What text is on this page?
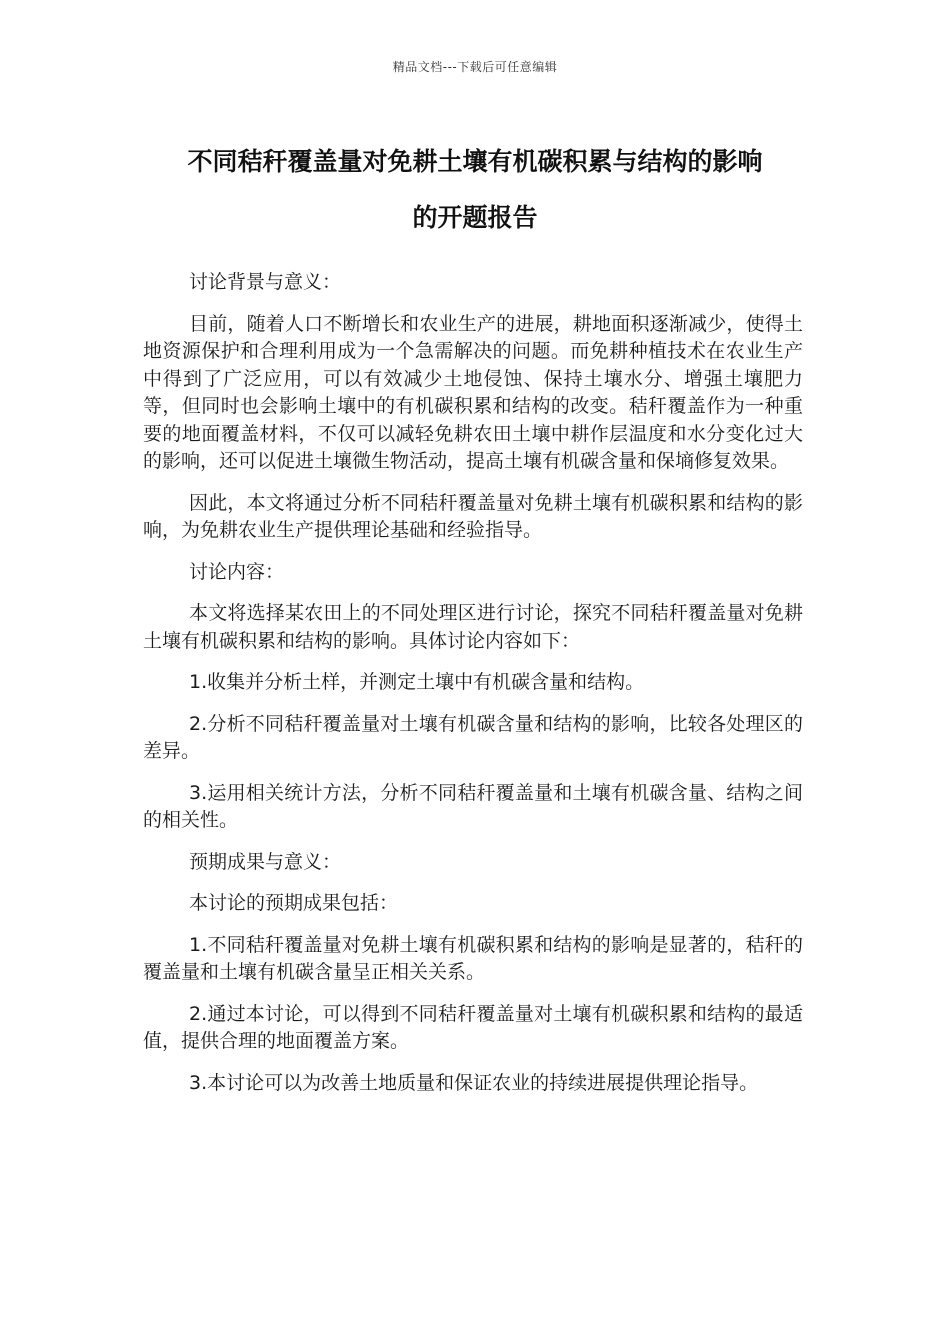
精品文档---下载后可任意编辑
不同秸秆覆盖量对免耕土壤有机碳积累与结构的影响
的开题报告

讨论背景与意义：

目前，随着人口不断增长和农业生产的进展，耕地面积逐渐减少，使得土地资源保护和合理利用成为一个急需解决的问题。而免耕种植技术在农业生产中得到了广泛应用，可以有效减少土地侵蚀、保持土壤水分、增强土壤肥力等，但同时也会影响土壤中的有机碳积累和结构的改变。秸秆覆盖作为一种重要的地面覆盖材料，不仅可以减轻免耕农田土壤中耕作层温度和水分变化过大的影响，还可以促进土壤微生物活动，提高土壤有机碳含量和保墒修复效果。

因此，本文将通过分析不同秸秆覆盖量对免耕土壤有机碳积累和结构的影响，为免耕农业生产提供理论基础和经验指导。

讨论内容：

本文将选择某农田上的不同处理区进行讨论，探究不同秸秆覆盖量对免耕土壤有机碳积累和结构的影响。具体讨论内容如下：

1.收集并分析土样，并测定土壤中有机碳含量和结构。

2.分析不同秸秆覆盖量对土壤有机碳含量和结构的影响，比较各处理区的差异。

3.运用相关统计方法，分析不同秸秆覆盖量和土壤有机碳含量、结构之间的相关性。

预期成果与意义：

本讨论的预期成果包括：

1.不同秸秆覆盖量对免耕土壤有机碳积累和结构的影响是显著的，秸秆的覆盖量和土壤有机碳含量呈正相关关系。

2.通过本讨论，可以得到不同秸秆覆盖量对土壤有机碳积累和结构的最适值，提供合理的地面覆盖方案。

3.本讨论可以为改善土地质量和保证农业的持续进展提供理论指导。
